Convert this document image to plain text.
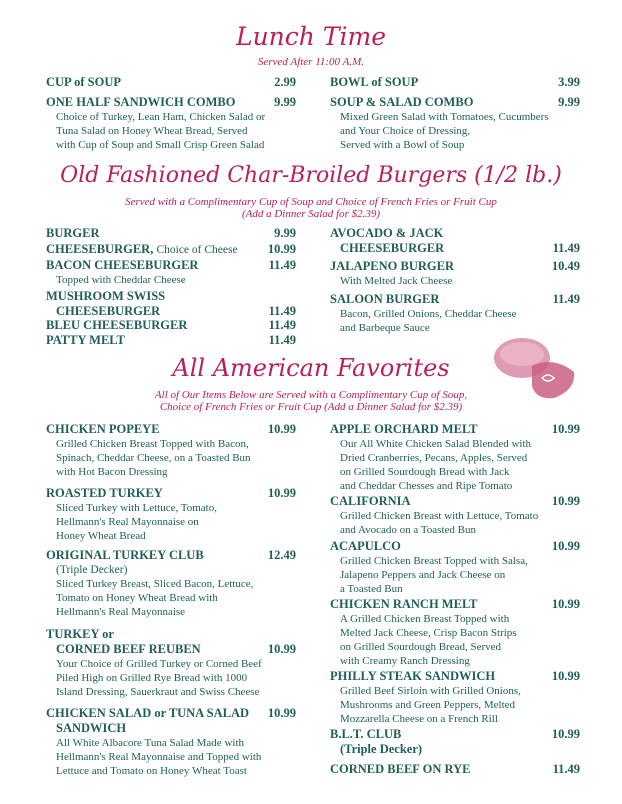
Lunch Time
Served After 11:00 A.M.
CUP of SOUP	2.99	BOWL of SOUP	3.99
ONE HALF SANDWICH COMBO	9.99
Choice of Turkey, Lean Ham, Chicken Salad or
Tuna Salad on Honey Wheat Bread, Served
with Cup of Soup and Small Crisp Green Salad
SOUP & SALAD COMBO	9.99
Mixed Green Salad with Tomatoes, Cucumbers
and Your Choice of Dressing,
Served with a Bowl of Soup
Old Fashioned Char-Broiled Burgers (1/2 lb.)
Served with a Complimentary Cup of Soup and Choice of French Fries or Fruit Cup
(Add a Dinner Salad for $2.39)
BURGER	9.99
CHEESEBURGER, Choice of Cheese	10.99
BACON CHEESEBURGER	11.49
Topped with Cheddar Cheese
MUSHROOM SWISS
CHEESEBURGER	11.49
BLEU CHEESEBURGER	11.49
PATTY MELT	11.49
AVOCADO & JACK
CHEESEBURGER	11.49
JALAPENO BURGER	10.49
With Melted Jack Cheese
SALOON BURGER	11.49
Bacon, Grilled Onions, Cheddar Cheese
and Barbeque Sauce
All American Favorites
All of Our Items Below are Served with a Complimentary Cup of Soup,
Choice of French Fries or Fruit Cup (Add a Dinner Salad for $2.39)
CHICKEN POPEYE	10.99
Grilled Chicken Breast Topped with Bacon,
Spinach, Cheddar Cheese, on a Toasted Bun
with Hot Bacon Dressing
ROASTED TURKEY	10.99
Sliced Turkey with Lettuce, Tomato,
Hellmann's Real Mayonnaise on
Honey Wheat Bread
ORIGINAL TURKEY CLUB	12.49
(Triple Decker)
Sliced Turkey Breast, Sliced Bacon, Lettuce,
Tomato on Honey Wheat Bread with
Hellmann's Real Mayonnaise
TURKEY or
CORNED BEEF REUBEN	10.99
Your Choice of Grilled Turkey or Corned Beef
Piled High on Grilled Rye Bread with 1000
Island Dressing, Sauerkraut and Swiss Cheese
CHICKEN SALAD or TUNA SALAD	10.99
SANDWICH
All White Albacore Tuna Salad Made with
Hellmann's Real Mayonnaise and Topped with
Lettuce and Tomato on Honey Wheat Toast
APPLE ORCHARD MELT	10.99
Our All White Chicken Salad Blended with
Dried Cranberries, Pecans, Apples, Served
on Grilled Sourdough Bread with Jack
and Cheddar Chesses and Ripe Tomato
CALIFORNIA	10.99
Grilled Chicken Breast with Lettuce, Tomato
and Avocado on a Toasted Bun
ACAPULCO	10.99
Grilled Chicken Breast Topped with Salsa,
Jalapeno Peppers and Jack Cheese on
a Toasted Bun
CHICKEN RANCH MELT	10.99
A Grilled Chicken Breast Topped with
Melted Jack Cheese, Crisp Bacon Strips
on Grilled Sourdough Bread, Served
with Creamy Ranch Dressing
PHILLY STEAK SANDWICH	10.99
Grilled Beef Sirloin with Grilled Onions,
Mushrooms and Green Peppers, Melted
Mozzarella Cheese on a French Rill
B.L.T. CLUB	10.99
(Triple Decker)
CORNED BEEF ON RYE	11.49
